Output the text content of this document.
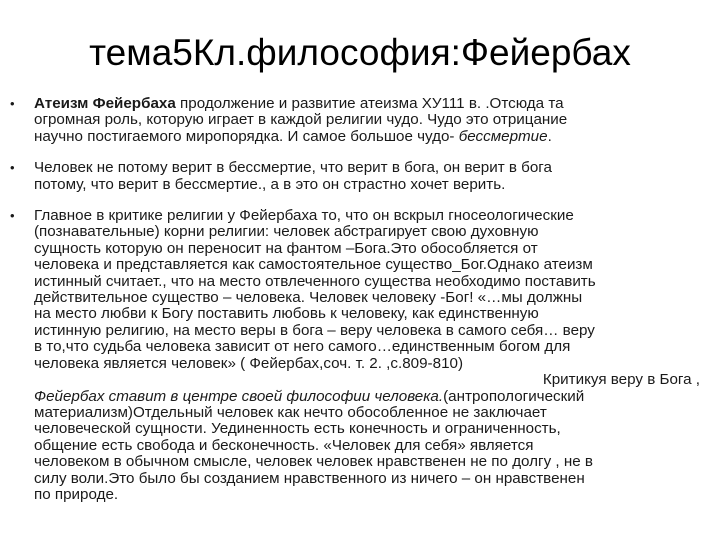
тема5Кл.философия:Фейербах
• Атеизм Фейербаха продолжение и развитие атеизма ХУ111 в. .Отсюда та
огромная роль, которую играет в каждой религии чудо. Чудо это отрицание
научно постигаемого миропорядка. И самое большое чудо- бессмертие.
• Человек не потому верит в бессмертие, что верит в бога, он верит в бога
потому, что верит в бессмертие., а в это он страстно хочет верить.
• Главное в критике религии у Фейербаха то, что он вскрыл гносеологические
(познавательные) корни религии: человек абстрагирует свою духовную
сущность которую он переносит на фантом –Бога.Это обособляется от
человека и представляется как самостоятельное существо_Бог.Однако атеизм
истинный считает., что на место отвлеченного существа необходимо поставить
действительное существо – человека. Человек человеку -Бог! «…мы должны
на место любви к Богу поставить любовь к человеку, как единственную
истинную религию, на место веры в бога – веру человека в самого себя… веру
в то,что судьба человека зависит от него самого…единственным богом для
человека является человек» ( Фейербах,соч. т. 2. ,с.809-810)
Критикуя веру в Бога ,
Фейербах ставит в центре своей философии человека.(антропологический
материализм)Отдельный человек как нечто обособленное не заключает
человеческой сущности. Уединенность есть конечность и ограниченность,
общение есть свобода и бесконечность. «Человек для себя» является
человеком в обычном смысле, человек человек нравственен не по долгу , не в
силу воли.Это было бы созданием нравственного из ничего – он нравственен
по природе.
